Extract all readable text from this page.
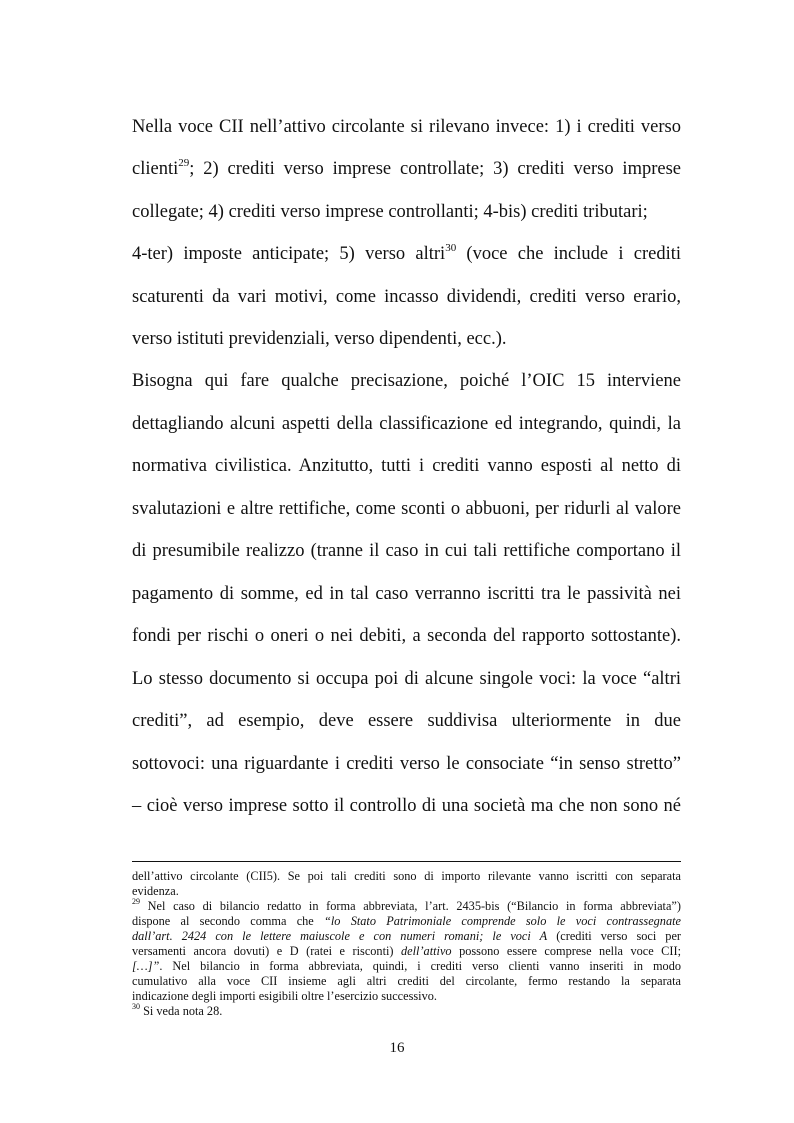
Nella voce CII nell’attivo circolante si rilevano invece: 1) i crediti verso
clienti$^{29}$; 2) crediti verso imprese controllate; 3) crediti verso imprese
collegate; 4) crediti verso imprese controllanti; 4-bis) crediti tributari;
4-ter) imposte anticipate; 5) verso altri$^{30}$ (voce che include i crediti
scaturenti da vari motivi, come incasso dividendi, crediti verso erario,
verso istituti previdenziali, verso dipendenti, ecc.).
Bisogna qui fare qualche precisazione, poiché l’OIC 15 interviene
dettagliando alcuni aspetti della classificazione ed integrando, quindi, la
normativa civilistica. Anzitutto, tutti i crediti vanno esposti al netto di
svalutazioni e altre rettifiche, come sconti o abbuoni, per ridurli al valore
di presumibile realizzo (tranne il caso in cui tali rettifiche comportano il
pagamento di somme, ed in tal caso verranno iscritti tra le passività nei
fondi per rischi o oneri o nei debiti, a seconda del rapporto sottostante).
Lo stesso documento si occupa poi di alcune singole voci: la voce “altri
crediti”, ad esempio, deve essere suddivisa ulteriormente in due
sottovoci: una riguardante i crediti verso le consociate “in senso stretto”
– cioè verso imprese sotto il controllo di una società ma che non sono né
dell’attivo circolante (CII5). Se poi tali crediti sono di importo rilevante vanno iscritti con separata
evidenza.
$^{29}$ Nel caso di bilancio redatto in forma abbreviata, l’art. 2435-bis (“Bilancio in forma abbreviata”)
dispone al secondo comma che “lo Stato Patrimoniale comprende solo le voci contrassegnate
dall’art. 2424 con le lettere maiuscole e con numeri romani; le voci A (crediti verso soci per
versamenti ancora dovuti) e D (ratei e risconti) dell’attivo possono essere comprese nella voce CII;
[…]”. Nel bilancio in forma abbreviata, quindi, i crediti verso clienti vanno inseriti in modo
cumulativo alla voce CII insieme agli altri crediti del circolante, fermo restando la separata
indicazione degli importi esigibili oltre l’esercizio successivo.
$^{30}$ Si veda nota 28.
16
